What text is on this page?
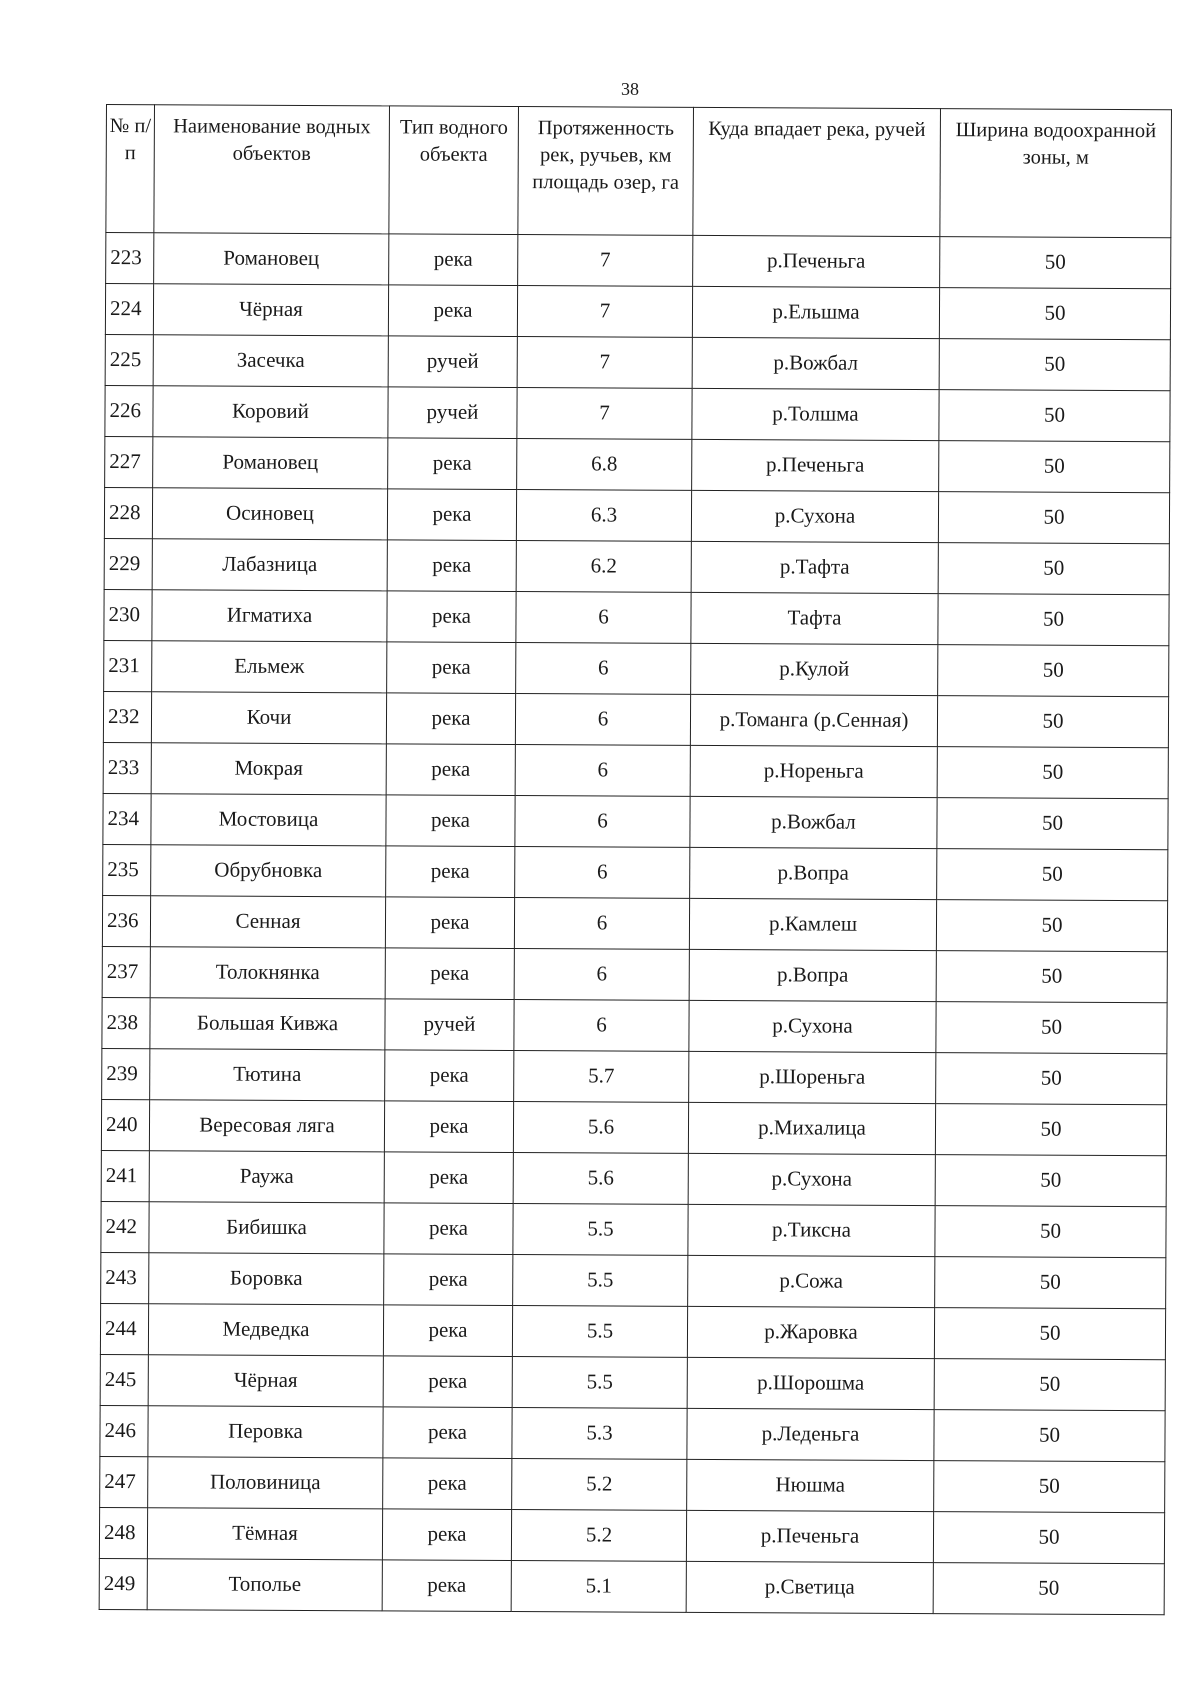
38
№ п/п	Наименование водных объектов	Тип водного объекта	Протяженность рек, ручьев, км площадь озер, га	Куда впадает река, ручей	Ширина водоохранной зоны, м
223	Романовец	река	7	р.Печеньга	50
224	Чёрная	река	7	р.Ельшма	50
225	Засечка	ручей	7	р.Вожбал	50
226	Коровий	ручей	7	р.Толшма	50
227	Романовец	река	6.8	р.Печеньга	50
228	Осиновец	река	6.3	р.Сухона	50
229	Лабазница	река	6.2	р.Тафта	50
230	Игматиха	река	6	Тафта	50
231	Ельмеж	река	6	р.Кулой	50
232	Кочи	река	6	р.Томанга (р.Сенная)	50
233	Мокрая	река	6	р.Нореньга	50
234	Мостовица	река	6	р.Вожбал	50
235	Обрубновка	река	6	р.Вопра	50
236	Сенная	река	6	р.Камлеш	50
237	Толокнянка	река	6	р.Вопра	50
238	Большая Кивжа	ручей	6	р.Сухона	50
239	Тютина	река	5.7	р.Шореньга	50
240	Вересовая ляга	река	5.6	р.Михалица	50
241	Раужа	река	5.6	р.Сухона	50
242	Бибишка	река	5.5	р.Тиксна	50
243	Боровка	река	5.5	р.Сожа	50
244	Медведка	река	5.5	р.Жаровка	50
245	Чёрная	река	5.5	р.Шорошма	50
246	Перовка	река	5.3	р.Леденьга	50
247	Половиница	река	5.2	Нюшма	50
248	Тёмная	река	5.2	р.Печеньга	50
249	Тополье	река	5.1	р.Светица	50
